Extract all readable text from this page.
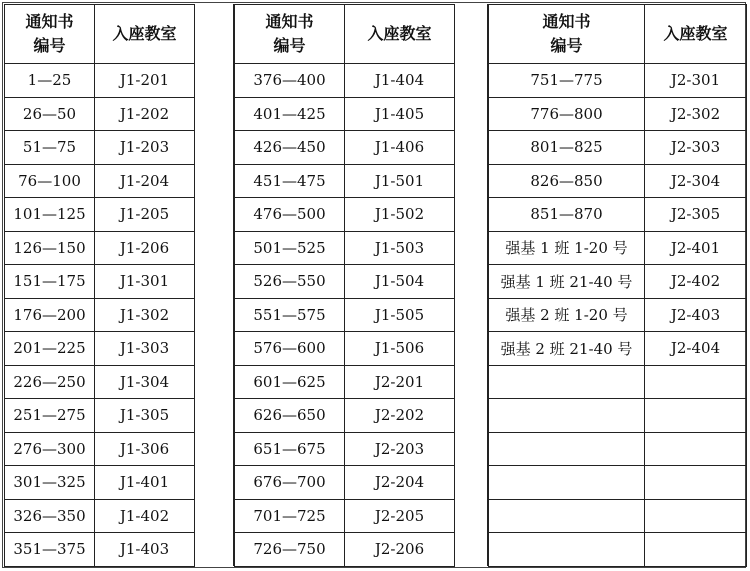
通知书
编号	入座教室
1—25	J1-201
26—50	J1-202
51—75	J1-203
76—100	J1-204
101—125	J1-205
126—150	J1-206
151—175	J1-301
176—200	J1-302
201—225	J1-303
226—250	J1-304
251—275	J1-305
276—300	J1-306
301—325	J1-401
326—350	J1-402
351—375	J1-403
通知书
编号	入座教室
376—400	J1-404
401—425	J1-405
426—450	J1-406
451—475	J1-501
476—500	J1-502
501—525	J1-503
526—550	J1-504
551—575	J1-505
576—600	J1-506
601—625	J2-201
626—650	J2-202
651—675	J2-203
676—700	J2-204
701—725	J2-205
726—750	J2-206
通知书
编号	入座教室
751—775	J2-301
776—800	J2-302
801—825	J2-303
826—850	J2-304
851—870	J2-305
强基 1 班 1-20 号	J2-401
强基 1 班 21-40 号	J2-402
强基 2 班 1-20 号	J2-403
强基 2 班 21-40 号	J2-404
